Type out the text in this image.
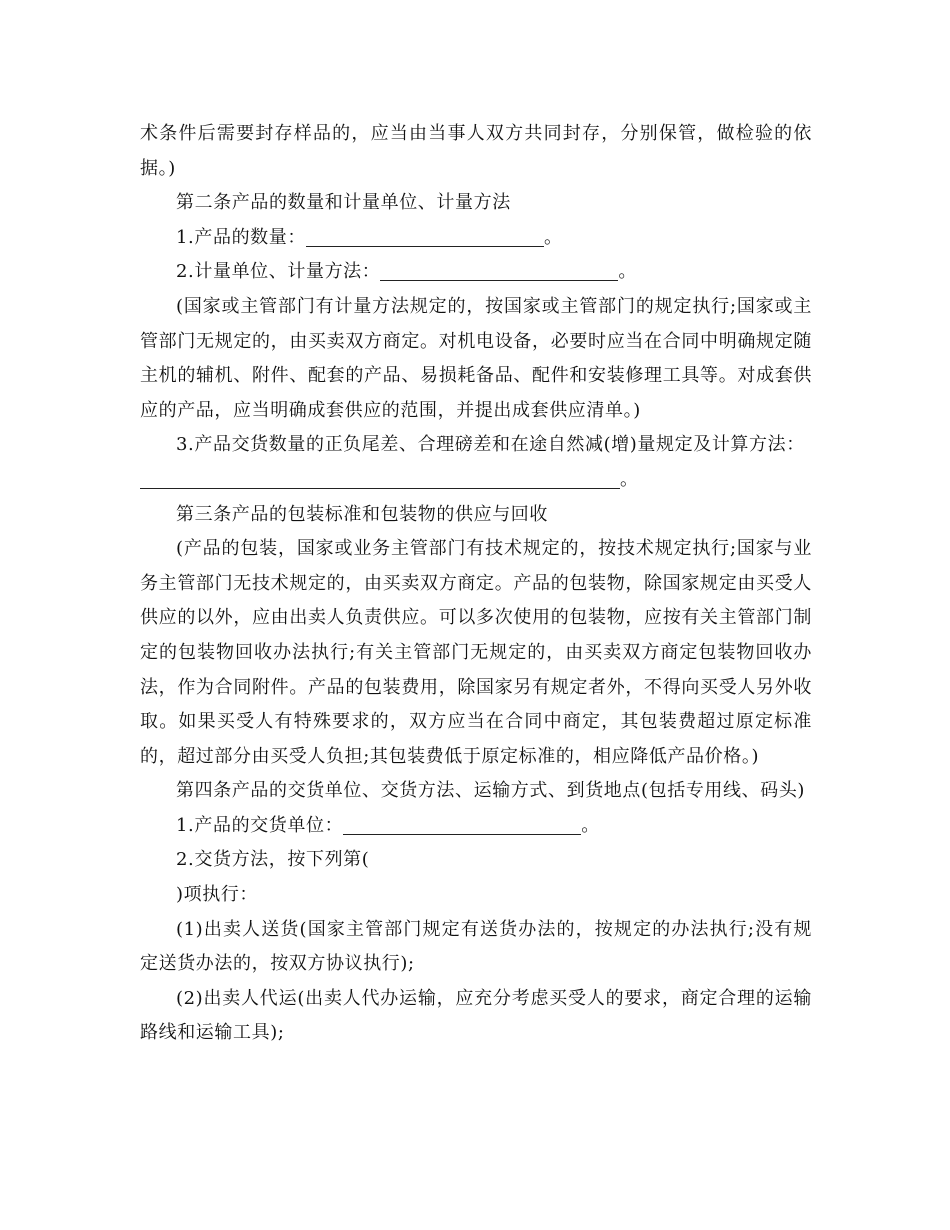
术条件后需要封存样品的，应当由当事人双方共同封存，分别保管，做检验的依据。)

第二条产品的数量和计量单位、计量方法

1.产品的数量：	。

2.计量单位、计量方法：	。

(国家或主管部门有计量方法规定的，按国家或主管部门的规定执行;国家或主管部门无规定的，由买卖双方商定。对机电设备，必要时应当在合同中明确规定随主机的辅机、附件、配套的产品、易损耗备品、配件和安装修理工具等。对成套供应的产品，应当明确成套供应的范围，并提出成套供应清单。)

3.产品交货数量的正负尾差、合理磅差和在途自然减(增)量规定及计算方法：

。

第三条产品的包装标准和包装物的供应与回收

(产品的包装，国家或业务主管部门有技术规定的，按技术规定执行;国家与业务主管部门无技术规定的，由买卖双方商定。产品的包装物，除国家规定由买受人供应的以外，应由出卖人负责供应。可以多次使用的包装物，应按有关主管部门制定的包装物回收办法执行;有关主管部门无规定的，由买卖双方商定包装物回收办法，作为合同附件。产品的包装费用，除国家另有规定者外，不得向买受人另外收取。如果买受人有特殊要求的，双方应当在合同中商定，其包装费超过原定标准的，超过部分由买受人负担;其包装费低于原定标准的，相应降低产品价格。)

第四条产品的交货单位、交货方法、运输方式、到货地点(包括专用线、码头)

1.产品的交货单位：	。

2.交货方法，按下列第(

)项执行：

(1)出卖人送货(国家主管部门规定有送货办法的，按规定的办法执行;没有规定送货办法的，按双方协议执行);

(2)出卖人代运(出卖人代办运输，应充分考虑买受人的要求，商定合理的运输路线和运输工具);
